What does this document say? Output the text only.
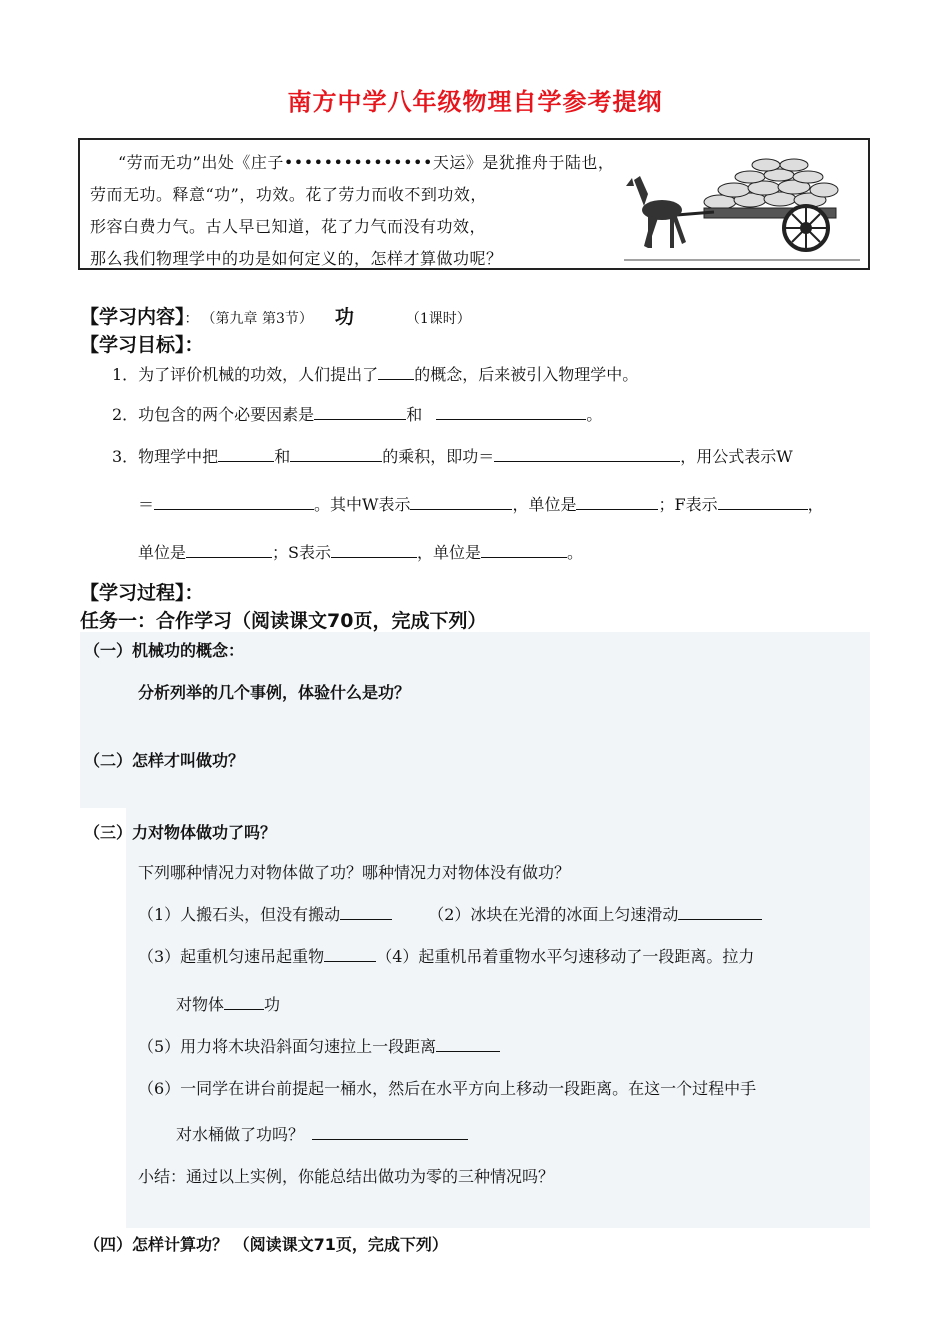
南方中学八年级物理自学参考提纲
“劳而无功”出处《庄子•••••••••••••••天运》是犹推舟于陆也，
劳而无功。释意“功”，功效。花了劳力而收不到功效，
形容白费力气。古人早已知道，花了力气而没有功效，
那么我们物理学中的功是如何定义的，怎样才算做功呢？
【学习内容】： （第九章 第3节） 功	（1课时）
【学习目标】：
1．为了评价机械的功效，人们提出了 的概念，后来被引入物理学中。
2．功包含的两个必要因素是	和	。
3．物理学中把	和	的乘积，即功＝	，用公式表示W
＝	。其中W表示	，单位是	；F表示	，
单位是	；S表示	，单位是	。
【学习过程】：
任务一：合作学习（阅读课文70页，完成下列）
（一）机械功的概念：
分析列举的几个事例，体验什么是功？
（二）怎样才叫做功？
（三）力对物体做功了吗？
下列哪种情况力对物体做了功？哪种情况力对物体没有做功？
（1）人搬石头，但没有搬动	（2）冰块在光滑的冰面上匀速滑动
（3）起重机匀速吊起重物	（4）起重机吊着重物水平匀速移动了一段距离。拉力
对物体	功
（5）用力将木块沿斜面匀速拉上一段距离
（6）一同学在讲台前提起一桶水，然后在水平方向上移动一段距离。在这一个过程中手
对水桶做了功吗？
小结：通过以上实例，你能总结出做功为零的三种情况吗？
（四）怎样计算功？ （阅读课文71页，完成下列）
